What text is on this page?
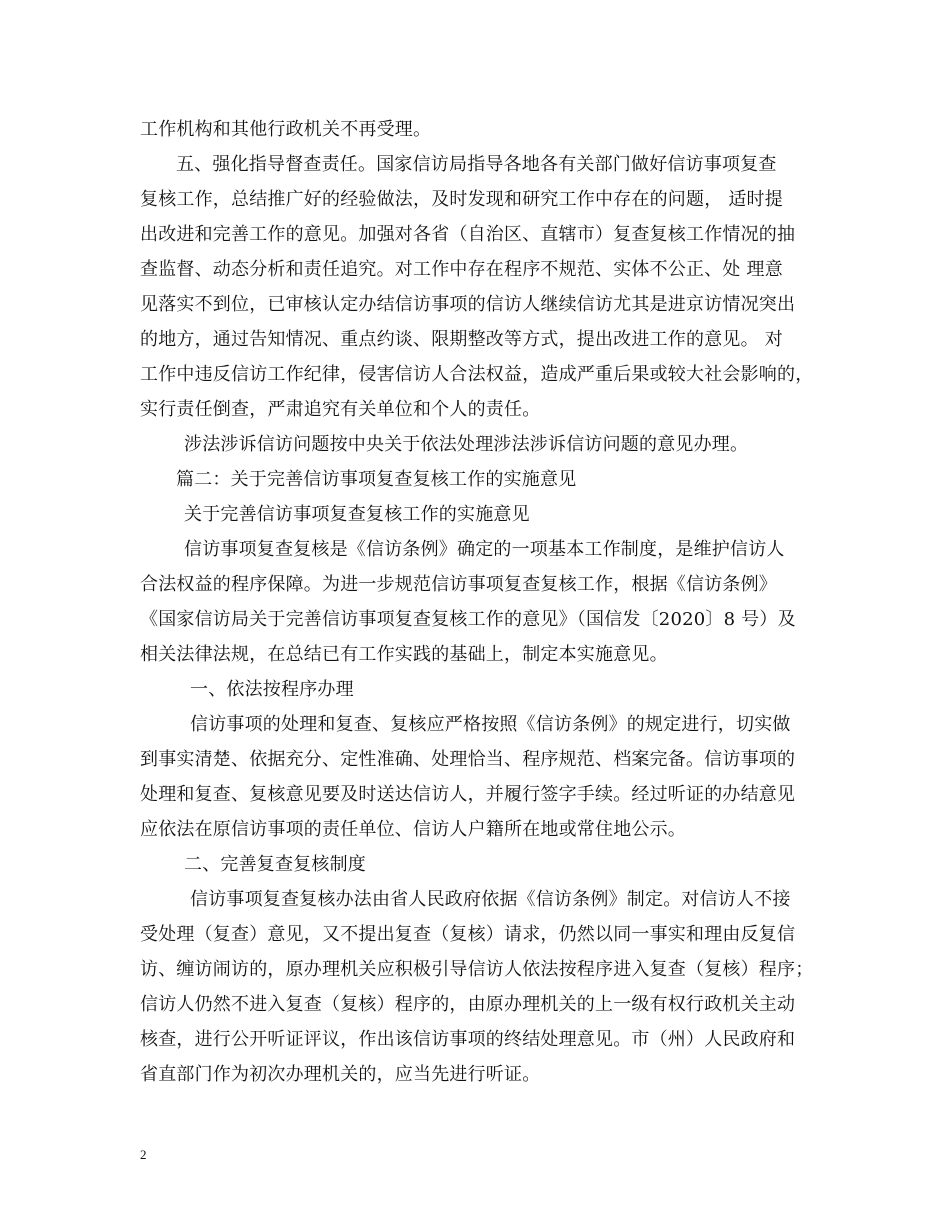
工作机构和其他行政机关不再受理。
五、强化指导督查责任。国家信访局指导各地各有关部门做好信访事项复查
复核工作，总结推广好的经验做法，及时发现和研究工作中存在的问题， 适时提
出改进和完善工作的意见。加强对各省（自治区、直辖市）复查复核工作情况的抽
查监督、动态分析和责任追究。对工作中存在程序不规范、实体不公正、处 理意
见落实不到位，已审核认定办结信访事项的信访人继续信访尤其是进京访情况突出
的地方，通过告知情况、重点约谈、限期整改等方式，提出改进工作的意见。 对
工作中违反信访工作纪律，侵害信访人合法权益，造成严重后果或较大社会影响的，
实行责任倒查，严肃追究有关单位和个人的责任。
涉法涉诉信访问题按中央关于依法处理涉法涉诉信访问题的意见办理。
篇二：关于完善信访事项复查复核工作的实施意见
关于完善信访事项复查复核工作的实施意见
信访事项复查复核是《信访条例》确定的一项基本工作制度，是维护信访人
合法权益的程序保障。为进一步规范信访事项复查复核工作，根据《信访条例》
《国家信访局关于完善信访事项复查复核工作的意见》（国信发〔2020〕8 号）及
相关法律法规，在总结已有工作实践的基础上，制定本实施意见。
一、依法按程序办理
信访事项的处理和复查、复核应严格按照《信访条例》的规定进行，切实做
到事实清楚、依据充分、定性准确、处理恰当、程序规范、档案完备。信访事项的
处理和复查、复核意见要及时送达信访人，并履行签字手续。经过听证的办结意见
应依法在原信访事项的责任单位、信访人户籍所在地或常住地公示。
二、完善复查复核制度
信访事项复查复核办法由省人民政府依据《信访条例》制定。对信访人不接
受处理（复查）意见，又不提出复查（复核）请求，仍然以同一事实和理由反复信
访、缠访闹访的，原办理机关应积极引导信访人依法按程序进入复查（复核）程序；
信访人仍然不进入复查（复核）程序的，由原办理机关的上一级有权行政机关主动
核查，进行公开听证评议，作出该信访事项的终结处理意见。市（州）人民政府和
省直部门作为初次办理机关的，应当先进行听证。
2
